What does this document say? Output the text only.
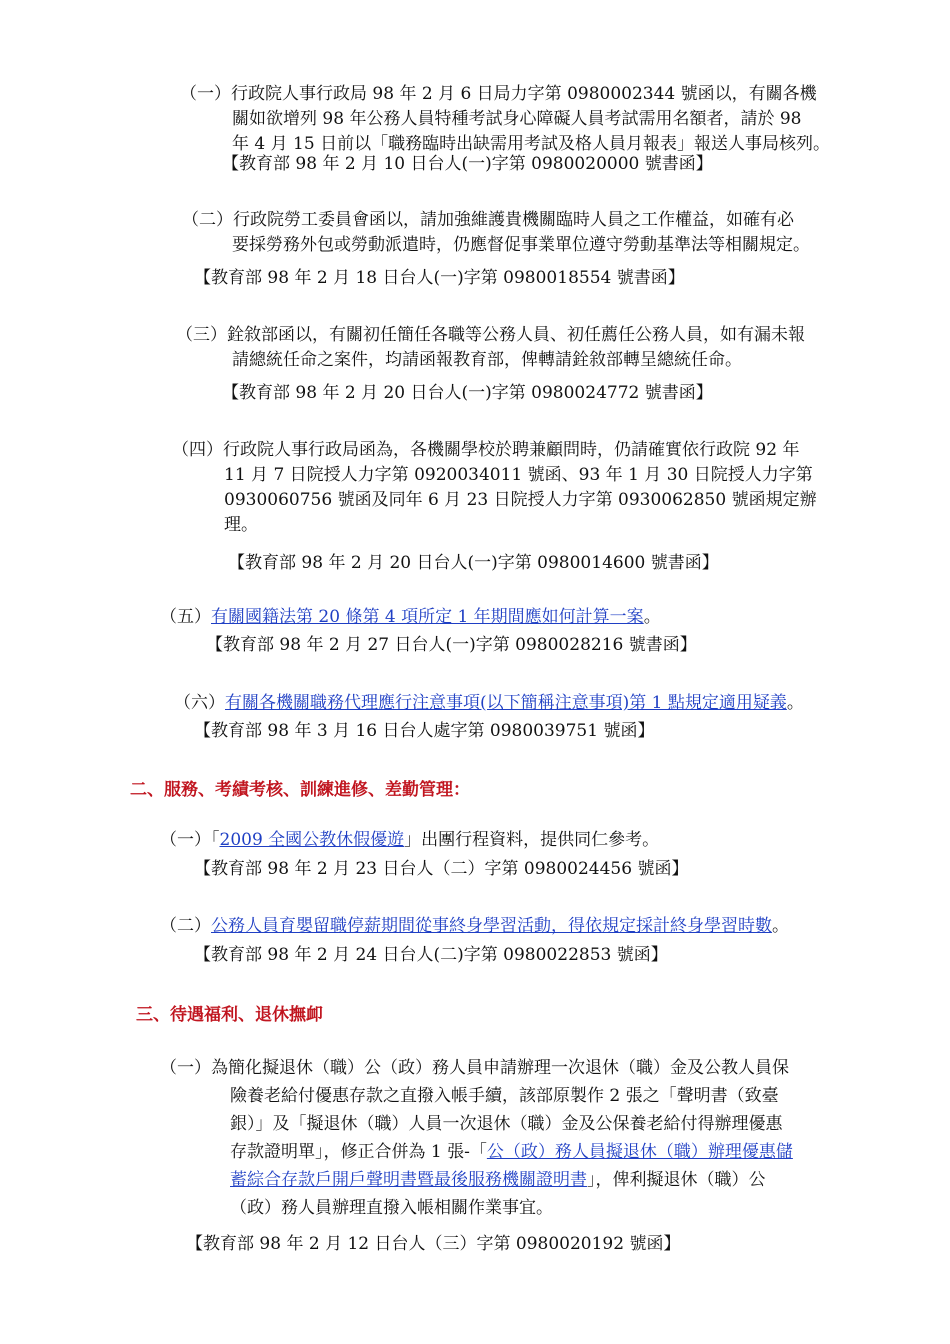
（一）行政院人事行政局 98 年 2 月 6 日局力字第 0980002344 號函以，有關各機

關如欲增列 98 年公務人員特種考試身心障礙人員考試需用名額者，請於 98

年 4 月 15 日前以「職務臨時出缺需用考試及格人員月報表」報送人事局核列。

【教育部 98 年 2 月 10 日台人(一)字第 0980020000 號書函】

（二）行政院勞工委員會函以，請加強維護貴機關臨時人員之工作權益，如確有必

要採勞務外包或勞動派遣時，仍應督促事業單位遵守勞動基準法等相關規定。

【教育部 98 年 2 月 18 日台人(一)字第 0980018554 號書函】

（三）銓敘部函以，有關初任簡任各職等公務人員、初任薦任公務人員，如有漏未報

請總統任命之案件，均請函報教育部，俾轉請銓敘部轉呈總統任命。

【教育部 98 年 2 月 20 日台人(一)字第 0980024772 號書函】

（四）行政院人事行政局函為，各機關學校於聘兼顧問時，仍請確實依行政院 92 年

11 月 7 日院授人力字第 0920034011 號函、93 年 1 月 30 日院授人力字第

0930060756 號函及同年 6 月 23 日院授人力字第 0930062850 號函規定辦

理。

【教育部 98 年 2 月 20 日台人(一)字第 0980014600 號書函】

（五）有關國籍法第 20 條第 4 項所定 1 年期間應如何計算一案。

【教育部 98 年 2 月 27 日台人(一)字第 0980028216 號書函】

（六）有關各機關職務代理應行注意事項(以下簡稱注意事項)第 1 點規定適用疑義。

【教育部 98 年 3 月 16 日台人處字第 0980039751 號函】
二、服務、考績考核、訓練進修、差勤管理：

（一）「2009 全國公教休假優遊」出團行程資料，提供同仁參考。

【教育部 98 年 2 月 23 日台人（二）字第 0980024456 號函】

（二）公務人員育嬰留職停薪期間從事終身學習活動，得依規定採計終身學習時數。

【教育部 98 年 2 月 24 日台人(二)字第 0980022853 號函】
三、待遇福利、退休撫卹

（一）為簡化擬退休（職）公（政）務人員申請辦理一次退休（職）金及公教人員保

險養老給付優惠存款之直撥入帳手續，該部原製作 2 張之「聲明書（致臺

銀）」及「擬退休（職）人員一次退休（職）金及公保養老給付得辦理優惠

存款證明單」，修正合併為 1 張-「公（政）務人員擬退休（職）辦理優惠儲

蓄綜合存款戶開戶聲明書暨最後服務機關證明書」，俾利擬退休（職）公

（政）務人員辦理直撥入帳相關作業事宜。

【教育部 98 年 2 月 12 日台人（三）字第 0980020192 號函】
